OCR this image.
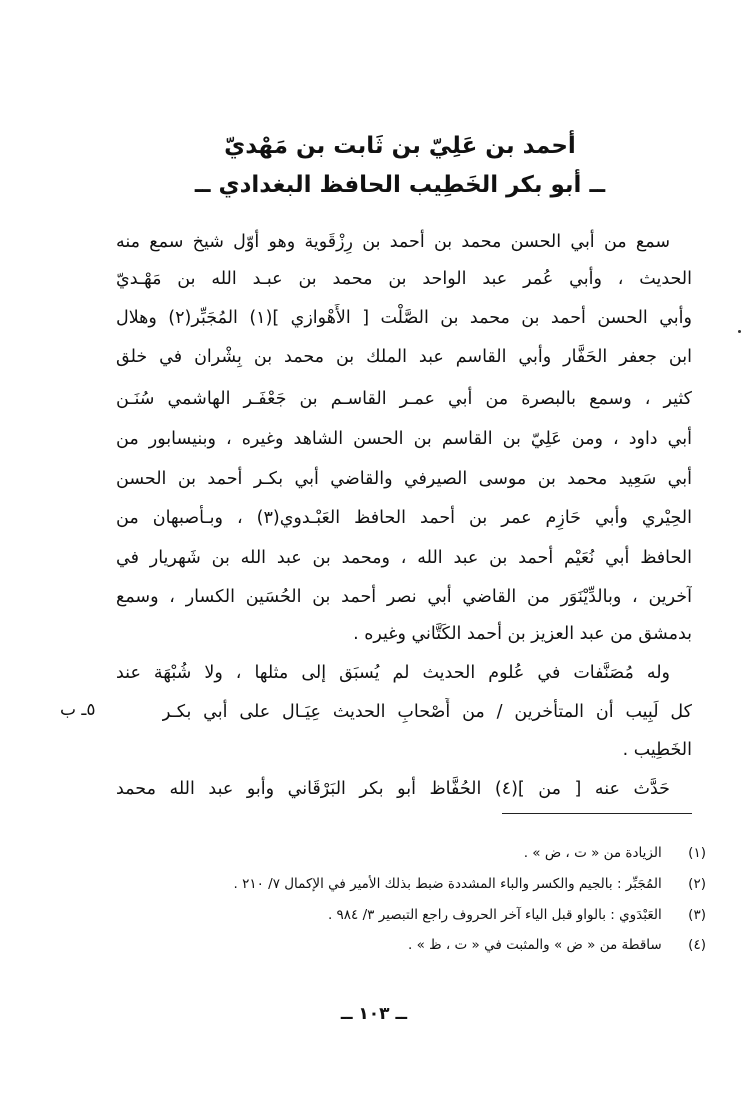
أحمد بن عَلِيّ بن ثَابت بن مَهْديّ
ــ أبو بكر الخَطِيب الحافظ البغدادي ــ
سمع من أبي الحسن محمد بن أحمد بن رِزْقَوية وهو أوّل شيخ سمع منه
الحديث ، وأبي عُمر عبد الواحد بن محمد بن عبـد الله بن مَهْـديّ
وأبي الحسن أحمد بن محمد بن الصَّلْت [ الأَهْوازي ](١) المُجَبِّر(٢) وهلال
ابن جعفر الحَفَّار وأبي القاسم عبد الملك بن محمد بن بِشْران في خلق
كثير ، وسمع بالبصرة من أبي عمـر القاسـم بن جَعْفَـر الهاشمي سُنَـن
أبي داود ، ومن عَلِيّ بن القاسم بن الحسن الشاهد وغيره ، وبنيسابور من
أبي سَعِيد محمد بن موسى الصيرفي والقاضي أبي بكـر أحمد بن الحسن
الحِيْري وأبي حَازِم عمر بن أحمد الحافظ العَبْـدوي(٣) ، وبـأصبهان من
الحافظ أبي نُعَيْم أحمد بن عبد الله ، ومحمد بن عبد الله بن شَهريار في
آخرين ، وبالدِّيْنَوَر من القاضي أبي نصر أحمد بن الحُسَين الكسار ، وسمع
بدمشق من عبد العزيز بن أحمد الكَتَّاني وغيره .
وله مُصَنَّفات في عُلوم الحديث لم يُسبَق إلى مثلها ، ولا شُبْهَة عند
كل لَبِيب أن المتأخرين / من أَصْحابِ الحديث عِيَـال على أبي بكـر
الخَطِيب .
حَدَّث عنه [ من ](٤) الحُفَّاظ أبو بكر البَرْقَاني وأبو عبد الله محمد
٥ـ ب
(١) الزيادة من « ت ، ض » .
(٢) المُجَبِّر : بالجيم والكسر والباء المشددة ضبط بذلك الأمير في الإكمال ٧/ ٢١٠ .
(٣) العَبْدَوي : بالواو قبل الياء آخر الحروف راجع التبصير ٣/ ٩٨٤ .
(٤) ساقطة من « ض » والمثبت في « ت ، ظ » .
ــ ١٠٣ ــ
